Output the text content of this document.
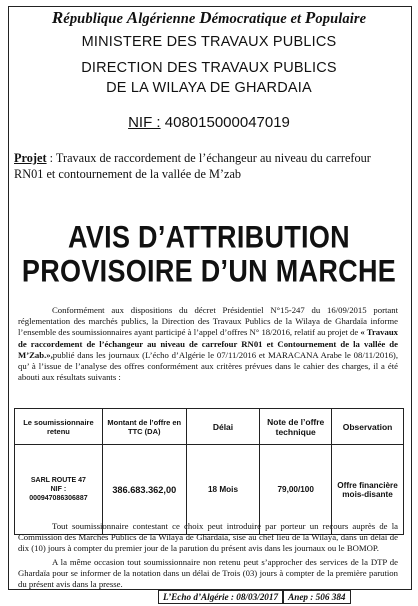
République Algérienne Démocratique et Populaire
MINISTERE DES TRAVAUX PUBLICS
DIRECTION DES TRAVAUX PUBLICS
DE LA WILAYA DE GHARDAIA
NIF : 408015000047019
Projet : Travaux de raccordement de l’échangeur au niveau du carrefour RN01 et contournement de la vallée de M’zab
AVIS D’ATTRIBUTION
PROVISOIRE D’UN MARCHE
Conformément aux dispositions du décret Présidentiel N°15-247 du 16/09/2015 portant réglementation des marchés publics, la Direction des Travaux Publics de la Wilaya de Ghardaïa informe l’ensemble des soumissionnaires ayant participé à l’appel d’offres N° 18/2016, relatif au projet de « Travaux de raccordement de l’échangeur au niveau de carrefour RN01 et Contournement de la vallée de M’Zab.»,publié dans les journaux (L’écho d’Algérie le 07/11/2016 et MARACANA Arabe le 08/11/2016), qu’ à l’issue de l’analyse des offres conformément aux critères prévues dans le cahier des charges, il a été abouti aux résultats suivants :
Le soumissionnaire retenu	Montant de l’offre en TTC (DA)	Délai	Note de l’offre technique	Observation

SARL ROUTE 47
NIF :
000947086306887	386.683.362,00	18 Mois	79,00/100	Offre financière mois-disante
Tout soumissionnaire contestant ce choix peut introduire par porteur un recours auprès de la Commission des Marchés Publics de la Wilaya de Ghardaïa, sise au chef lieu de la Wilaya, dans un délai de dix (10) jours à compter du premier jour de la parution du présent avis dans les journaux ou le BOMOP.
A la même occasion tout soumissionnaire non retenu peut s’approcher des services de la DTP de Ghardaïa pour se informer de la notation dans un délai de Trois (03) jours à compter de la première parution du présent avis dans la presse.
L’Echo d’Algérie : 08/03/2017 Anep : 506 384
